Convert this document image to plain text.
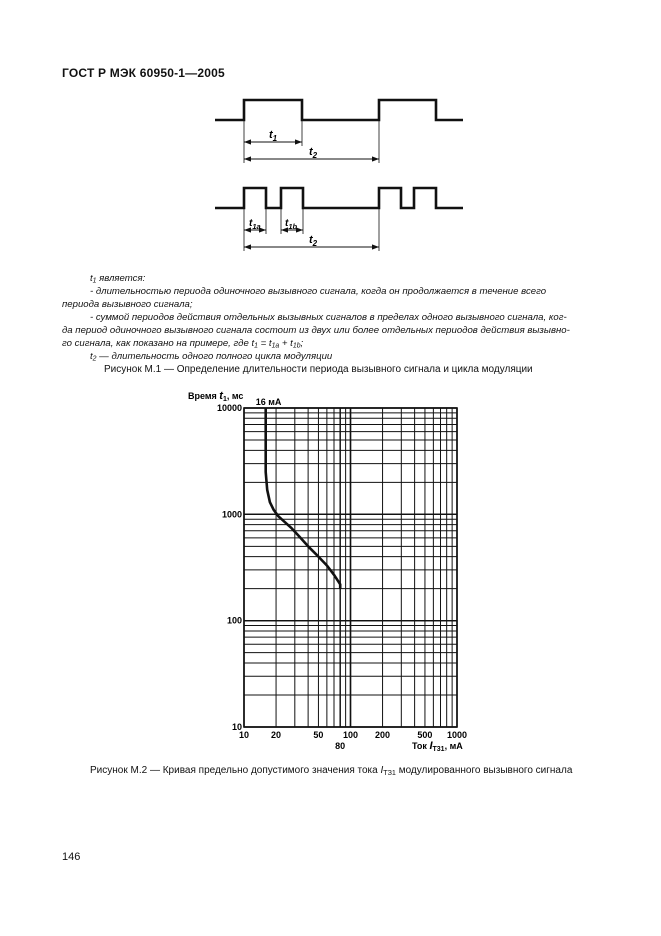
ГОСТ Р МЭК 60950-1—2005
$t_1$
$t_2$
$t_{1a}$ $t_{1b}$
$t_2$
$t_1$ является:
- длительностью периода одиночного вызывного сигнала, когда он продолжается в течение всего
периода вызывного сигнала;
- суммой периодов действия отдельных вызывных сигналов в пределах одного вызывного сигнала, ког-
да период одиночного вызывного сигнала состоит из двух или более отдельных периодов действия вызывно-
го сигнала, как показано на примере, где $t_1 = t_{1a} + t_{1b}$;
$t_2$ — длительность одного полного цикла модуляции
Рисунок М.1 — Определение длительности периода вызывного сигнала и цикла модуляции
10 20	50 100 200	500 1000
80
10
100
1000
10000
16 мА
Время $t_1$, мс
Ток $I_{Т31}$, мА
Рисунок М.2 — Кривая предельно допустимого значения тока $I_{ТЗ1}$ модулированного вызывного сигнала
146
